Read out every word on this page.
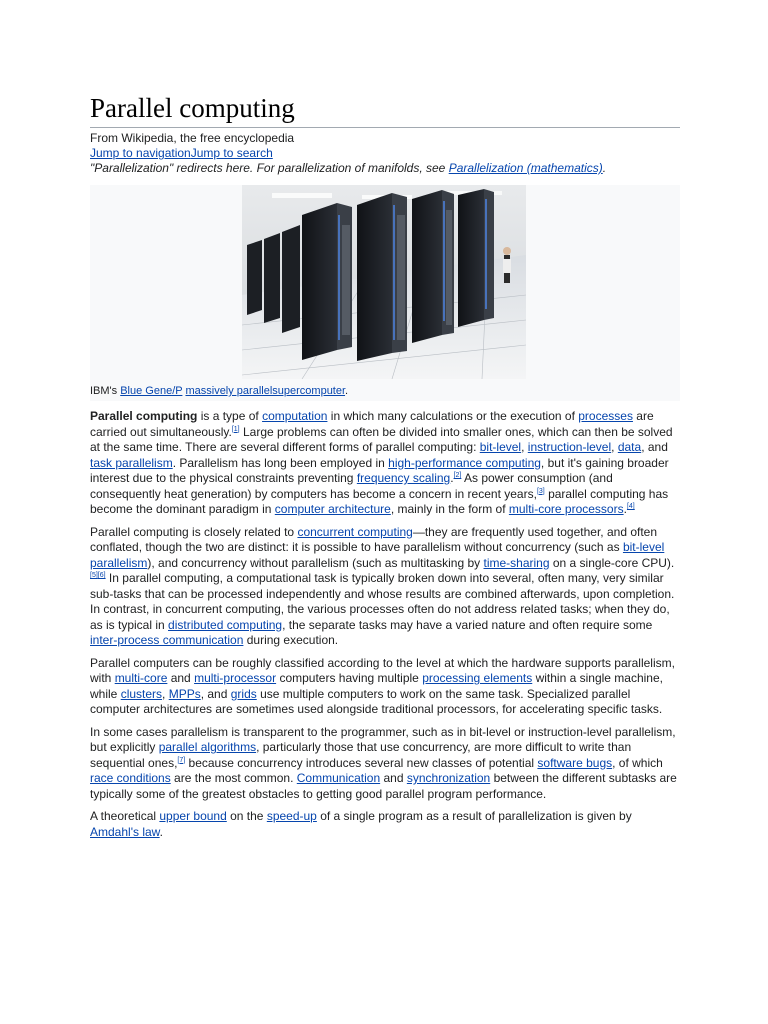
Parallel computing
From Wikipedia, the free encyclopedia
Jump to navigationJump to search
"Parallelization" redirects here. For parallelization of manifolds, see Parallelization (mathematics).
IBM's Blue Gene/P massively parallelsupercomputer.

Parallel computing is a type of computation in which many calculations or the execution of processes are carried out simultaneously.[1] Large problems can often be divided into smaller ones, which can then be solved at the same time. There are several different forms of parallel computing: bit-level, instruction-level, data, and task parallelism. Parallelism has long been employed in high-performance computing, but it's gaining broader interest due to the physical constraints preventing frequency scaling.[2] As power consumption (and consequently heat generation) by computers has become a concern in recent years,[3] parallel computing has become the dominant paradigm in computer architecture, mainly in the form of multi-core processors.[4]

Parallel computing is closely related to concurrent computing—they are frequently used together, and often conflated, though the two are distinct: it is possible to have parallelism without concurrency (such as bit-level parallelism), and concurrency without parallelism (such as multitasking by time-sharing on a single-core CPU).[5][6] In parallel computing, a computational task is typically broken down into several, often many, very similar sub-tasks that can be processed independently and whose results are combined afterwards, upon completion. In contrast, in concurrent computing, the various processes often do not address related tasks; when they do, as is typical in distributed computing, the separate tasks may have a varied nature and often require some inter-process communication during execution.

Parallel computers can be roughly classified according to the level at which the hardware supports parallelism, with multi-core and multi-processor computers having multiple processing elements within a single machine, while clusters, MPPs, and grids use multiple computers to work on the same task. Specialized parallel computer architectures are sometimes used alongside traditional processors, for accelerating specific tasks.

In some cases parallelism is transparent to the programmer, such as in bit-level or instruction-level parallelism, but explicitly parallel algorithms, particularly those that use concurrency, are more difficult to write than sequential ones,[7] because concurrency introduces several new classes of potential software bugs, of which race conditions are the most common. Communication and synchronization between the different subtasks are typically some of the greatest obstacles to getting good parallel program performance.

A theoretical upper bound on the speed-up of a single program as a result of parallelization is given by Amdahl's law.
